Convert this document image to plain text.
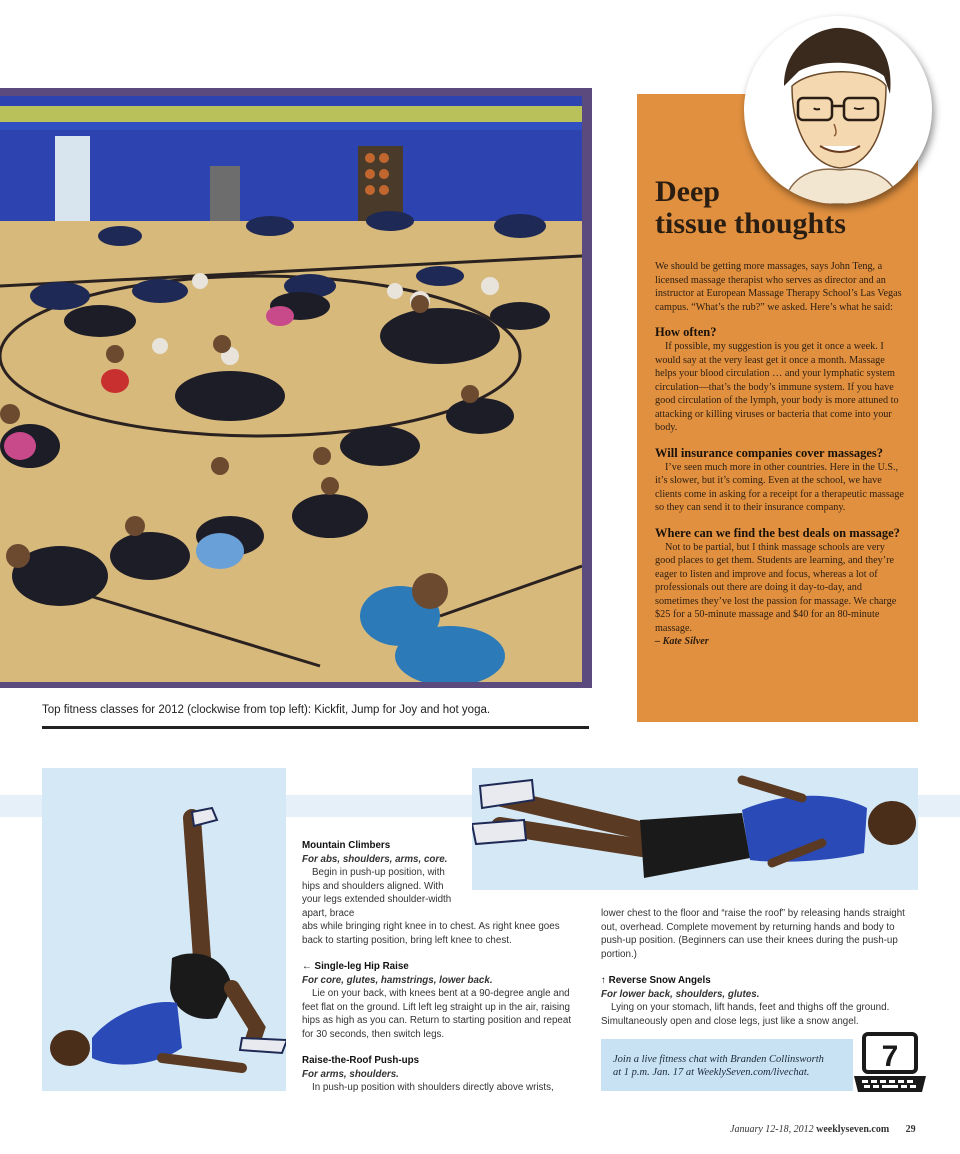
Top fitness classes for 2012 (clockwise from top left): Kickfit, Jump for Joy and hot yoga.
Deep
tissue thoughts

We should be getting more massages, says John Teng, a licensed massage therapist who serves as director and an instructor at European Massage Therapy School’s Las Vegas campus. “What’s the rub?” we asked. Here’s what he said:

How often?

If possible, my suggestion is you get it once a week. I would say at the very least get it once a month. Massage helps your blood circulation … and your lymphatic system circulation—that’s the body’s immune system. If you have good circulation of the lymph, your body is more attuned to attacking or killing viruses or bacteria that come into your body.

Will insurance companies cover massages?

I’ve seen much more in other countries. Here in the U.S., it’s slower, but it’s coming. Even at the school, we have clients come in asking for a receipt for a therapeutic massage so they can send it to their insurance company.

Where can we find the best deals on massage?

Not to be partial, but I think massage schools are very good places to get them. Students are learning, and they’re eager to listen and improve and focus, whereas a lot of professionals out there are doing it day-to-day, and sometimes they’ve lost the passion for massage. We charge $25 for a 50-minute massage and $40 for an 80-minute massage.

– Kate Silver

Mountain Climbers
For abs, shoulders, arms, core.
Begin in push-up position, with hips and shoulders aligned. With your legs extended shoulder-width apart, brace
abs while bringing right knee in to chest. As right knee goes back to starting position, bring left knee to chest.
← Single-leg Hip Raise
For core, glutes, hamstrings, lower back.
Lie on your back, with knees bent at a 90-degree angle and feet flat on the ground. Lift left leg straight up in the air, raising hips as high as you can. Return to starting position and repeat for 30 seconds, then switch legs.
Raise-the-Roof Push-ups
For arms, shoulders.
In push-up position with shoulders directly above wrists,
lower chest to the floor and “raise the roof” by releasing hands straight out, overhead. Complete movement by returning hands and body to push-up position. (Beginners can use their knees during the push-up portion.)
↑ Reverse Snow Angels
For lower back, shoulders, glutes.
Lying on your stomach, lift hands, feet and thighs off the ground. Simultaneously open and close legs, just like a snow angel.
Join a live fitness chat with Branden Collinsworth
at 1 p.m. Jan. 17 at WeeklySeven.com/livechat.	7
January 12-18, 2012 weeklyseven.com 29
